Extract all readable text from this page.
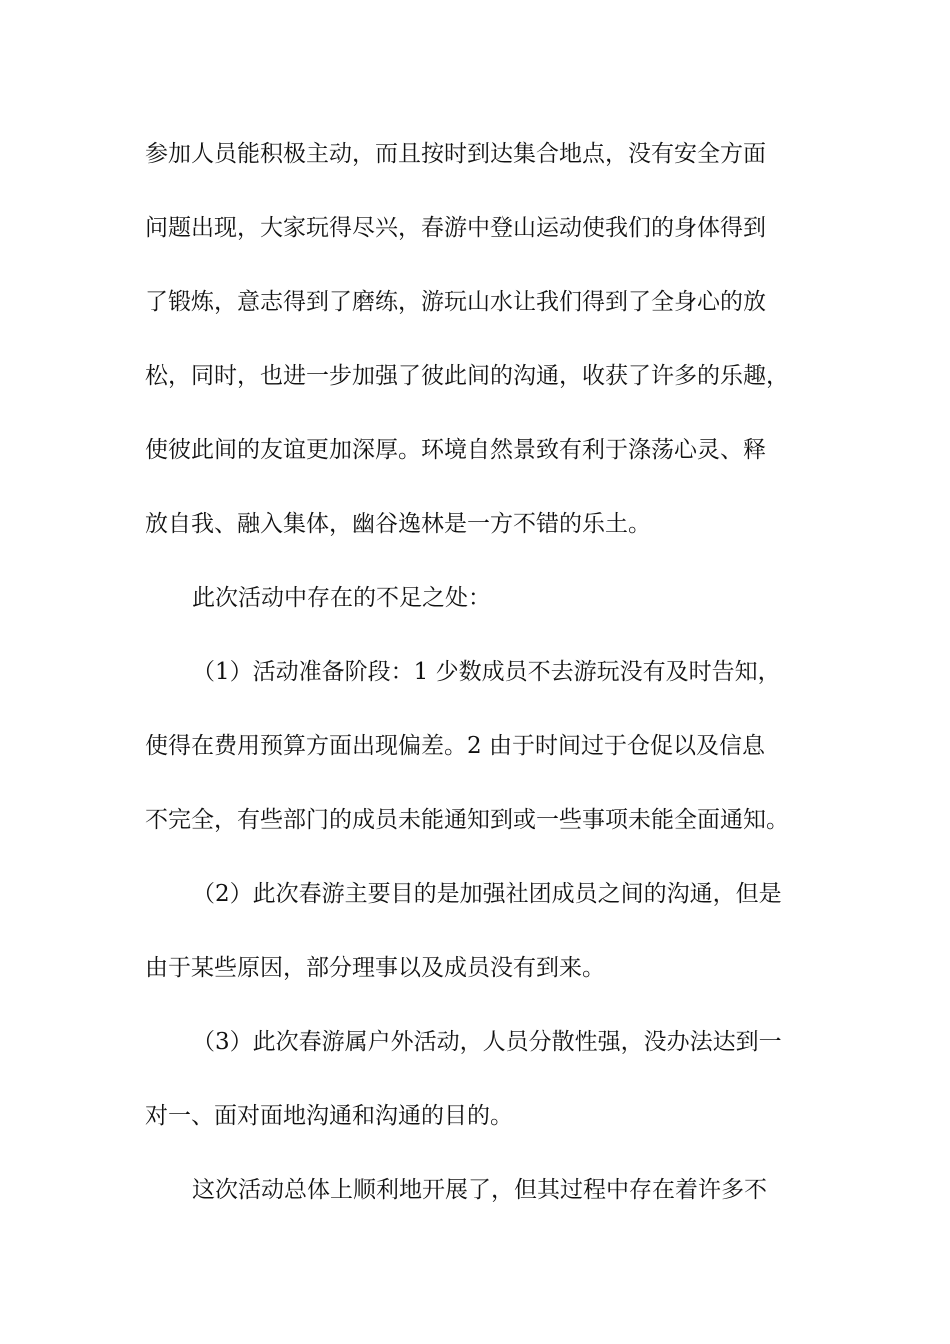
参加人员能积极主动，而且按时到达集合地点，没有安全方面
问题出现，大家玩得尽兴，春游中登山运动使我们的身体得到
了锻炼，意志得到了磨练，游玩山水让我们得到了全身心的放
松，同时，也进一步加强了彼此间的沟通，收获了许多的乐趣，
使彼此间的友谊更加深厚。环境自然景致有利于涤荡心灵、释
放自我、融入集体，幽谷逸林是一方不错的乐土。
此次活动中存在的不足之处：
（1）活动准备阶段：1 少数成员不去游玩没有及时告知，
使得在费用预算方面出现偏差。2 由于时间过于仓促以及信息
不完全，有些部门的成员未能通知到或一些事项未能全面通知。
（2）此次春游主要目的是加强社团成员之间的沟通，但是
由于某些原因，部分理事以及成员没有到来。
（3）此次春游属户外活动，人员分散性强，没办法达到一
对一、面对面地沟通和沟通的目的。
这次活动总体上顺利地开展了，但其过程中存在着许多不
